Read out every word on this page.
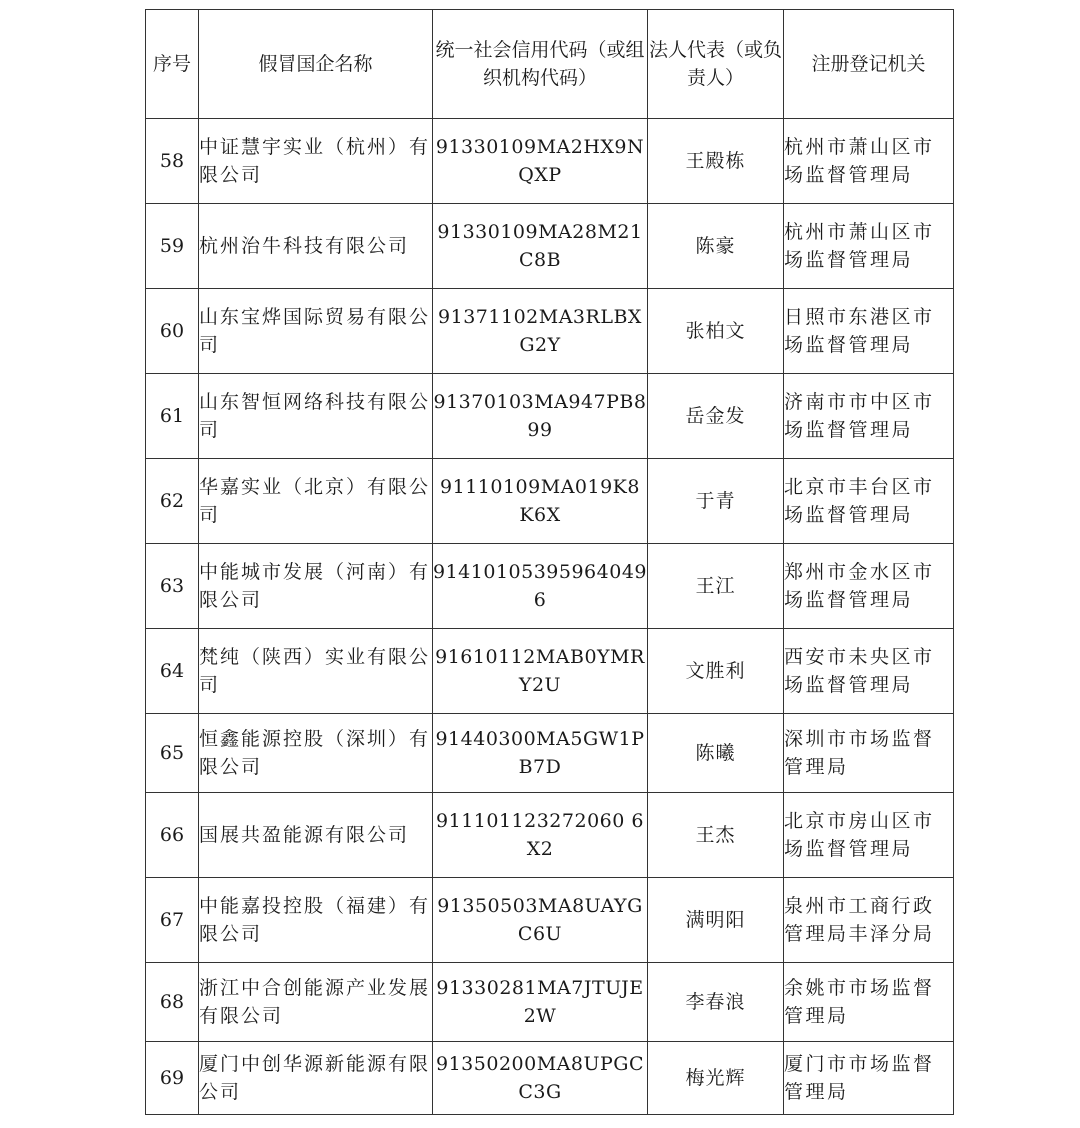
序号	假冒国企名称	统一社会信用代码（或组织机构代码）	法人代表（或负责人）	注册登记机关
58	中证慧宇实业（杭州）有限公司	91330109MA2HX9NQXP	王殿栋	杭州市萧山区市场监督管理局
59	杭州治牛科技有限公司	91330109MA28M21C8B	陈豪	杭州市萧山区市场监督管理局
60	山东宝烨国际贸易有限公司	91371102MA3RLBXG2Y	张柏文	日照市东港区市场监督管理局
61	山东智恒网络科技有限公司	91370103MA947PB899	岳金发	济南市市中区市场监督管理局
62	华嘉实业（北京）有限公司	91110109MA019K8K6X	于青	北京市丰台区市场监督管理局
63	中能城市发展（河南）有限公司	914101053959640496	王江	郑州市金水区市场监督管理局
64	梵纯（陕西）实业有限公司	91610112MAB0YMRY2U	文胜利	西安市未央区市场监督管理局
65	恒鑫能源控股（深圳）有限公司	91440300MA5GW1PB7D	陈曦	深圳市市场监督管理局
66	国展共盈能源有限公司	911101123272060 6X2	王杰	北京市房山区市场监督管理局
67	中能嘉投控股（福建）有限公司	91350503MA8UAYGC6U	满明阳	泉州市工商行政管理局丰泽分局
68	浙江中合创能源产业发展有限公司	91330281MA7JTUJE2W	李春浪	余姚市市场监督管理局
69	厦门中创华源新能源有限公司	91350200MA8UPGCC3G	梅光辉	厦门市市场监督管理局
